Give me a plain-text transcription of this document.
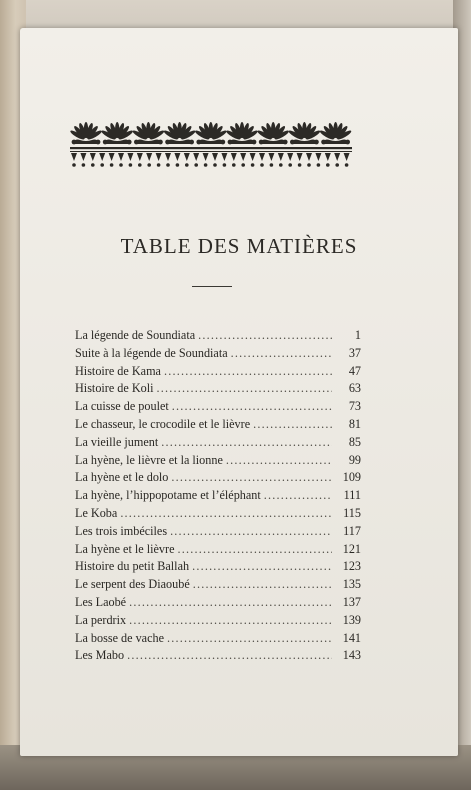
TABLE DES MATIÈRES
La légende de Soundiata .....	1
Suite à la légende de Soundiata .....	37
Histoire de Kama .....	47
Histoire de Koli .....	63
La cuisse de poulet .....	73
Le chasseur, le crocodile et le lièvre .....	81
La vieille jument .....	85
La hyène, le lièvre et la lionne .....	99
La hyène et le dolo .....	109
La hyène, l’hippopotame et l’éléphant .....	111
Le Koba .....	115
Les trois imbéciles .....	117
La hyène et le lièvre .....	121
Histoire du petit Ballah .....	123
Le serpent des Diaoubé .....	135
Les Laobé .....	137
La perdrix .....	139
La bosse de vache .....	141
Les Mabo .....	143
